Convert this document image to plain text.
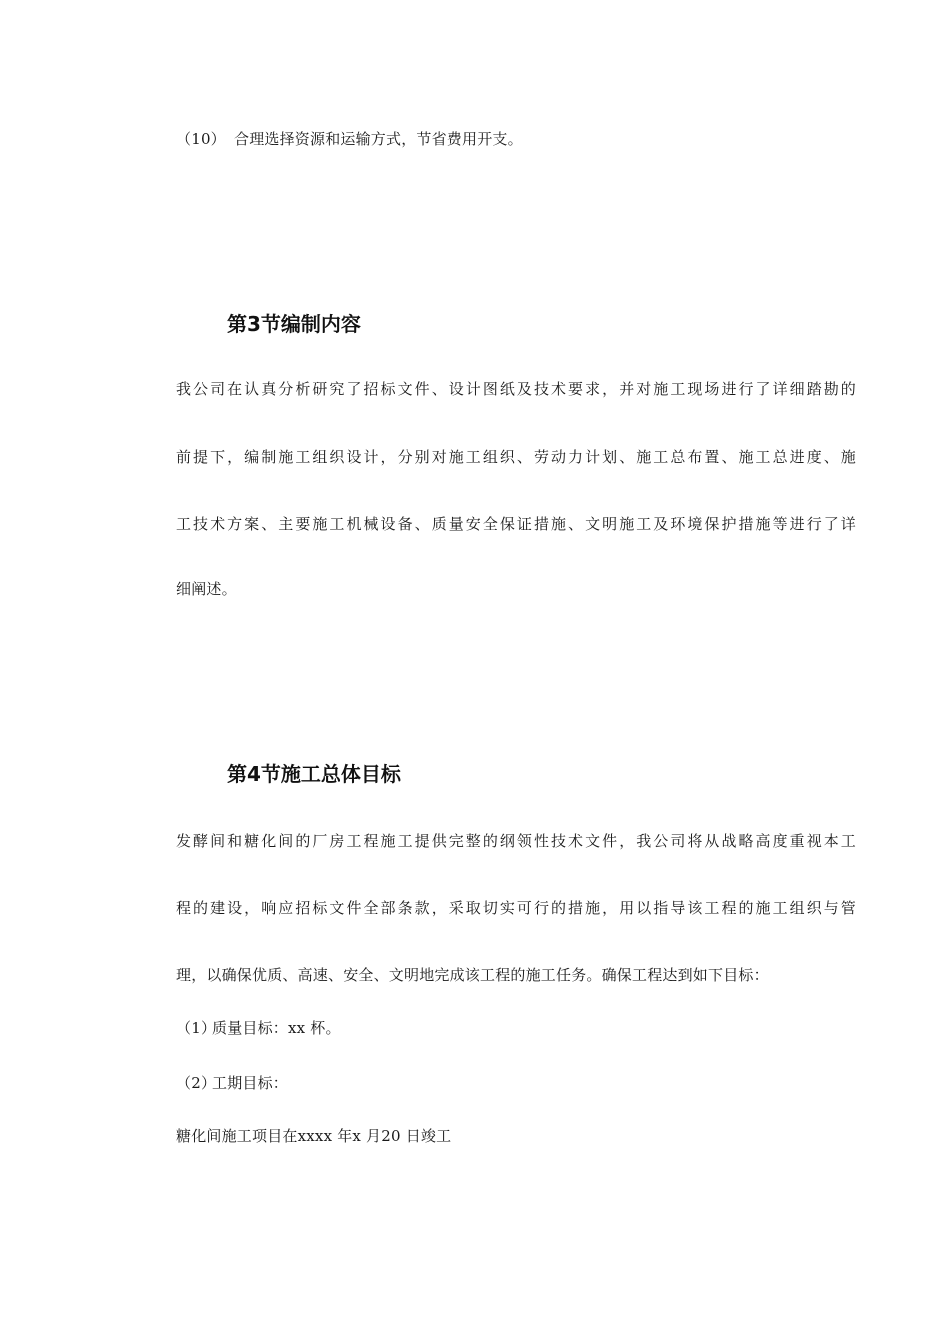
（10） 合理选择资源和运输方式，节省费用开支。
第3节编制内容
我公司在认真分析研究了招标文件、设计图纸及技术要求，并对施工现场进行了详细踏勘的
前提下，编制施工组织设计，分别对施工组织、劳动力计划、施工总布置、施工总进度、施
工技术方案、主要施工机械设备、质量安全保证措施、文明施工及环境保护措施等进行了详
细阐述。
第4节施工总体目标
发酵间和糖化间的厂房工程施工提供完整的纲领性技术文件，我公司将从战略高度重视本工
程的建设，响应招标文件全部条款，采取切实可行的措施，用以指导该工程的施工组织与管
理，以确保优质、高速、安全、文明地完成该工程的施工任务。确保工程达到如下目标：
（1）质量目标：xx 杯。
（2）工期目标：
糖化间施工项目在xxxx 年x 月20 日竣工
